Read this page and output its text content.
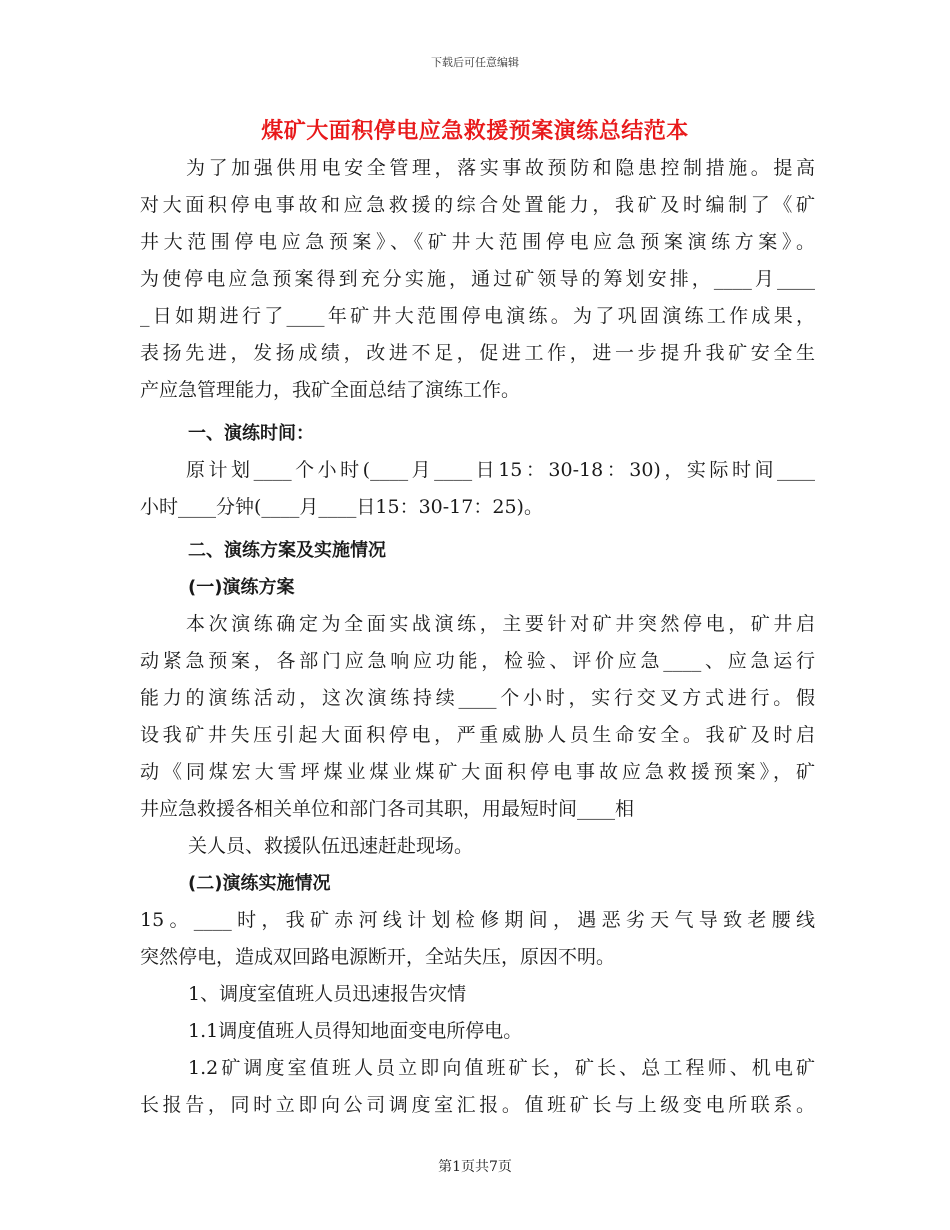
下载后可任意编辑
煤矿大面积停电应急救援预案演练总结范本
为了加强供用电安全管理，落实事故预防和隐患控制措施。提高
对大面积停电事故和应急救援的综合处置能力，我矿及时编制了《矿
井大范围停电应急预案》、《矿井大范围停电应急预案演练方案》。
为使停电应急预案得到充分实施，通过矿领导的筹划安排，____月____
_日如期进行了____年矿井大范围停电演练。为了巩固演练工作成果，
表扬先进，发扬成绩，改进不足，促进工作，进一步提升我矿安全生
产应急管理能力，我矿全面总结了演练工作。
一、演练时间：
原计划____个小时(____月____日15：30-18：30)，实际时间____
小时____分钟(____月____日15：30-17：25)。
二、演练方案及实施情况
(一)演练方案
本次演练确定为全面实战演练，主要针对矿井突然停电，矿井启
动紧急预案，各部门应急响应功能，检验、评价应急____、应急运行
能力的演练活动，这次演练持续____个小时，实行交叉方式进行。假
设我矿井失压引起大面积停电，严重威胁人员生命安全。我矿及时启
动《同煤宏大雪坪煤业煤业煤矿大面积停电事故应急救援预案》，矿
井应急救援各相关单位和部门各司其职，用最短时间____相
关人员、救援队伍迅速赶赴现场。
(二)演练实施情况
15。____时，我矿赤河线计划检修期间，遇恶劣天气导致老腰线
突然停电，造成双回路电源断开，全站失压，原因不明。
1、调度室值班人员迅速报告灾情
1.1调度值班人员得知地面变电所停电。
1.2矿调度室值班人员立即向值班矿长，矿长、总工程师、机电矿
长报告，同时立即向公司调度室汇报。值班矿长与上级变电所联系。
第1页共7页
